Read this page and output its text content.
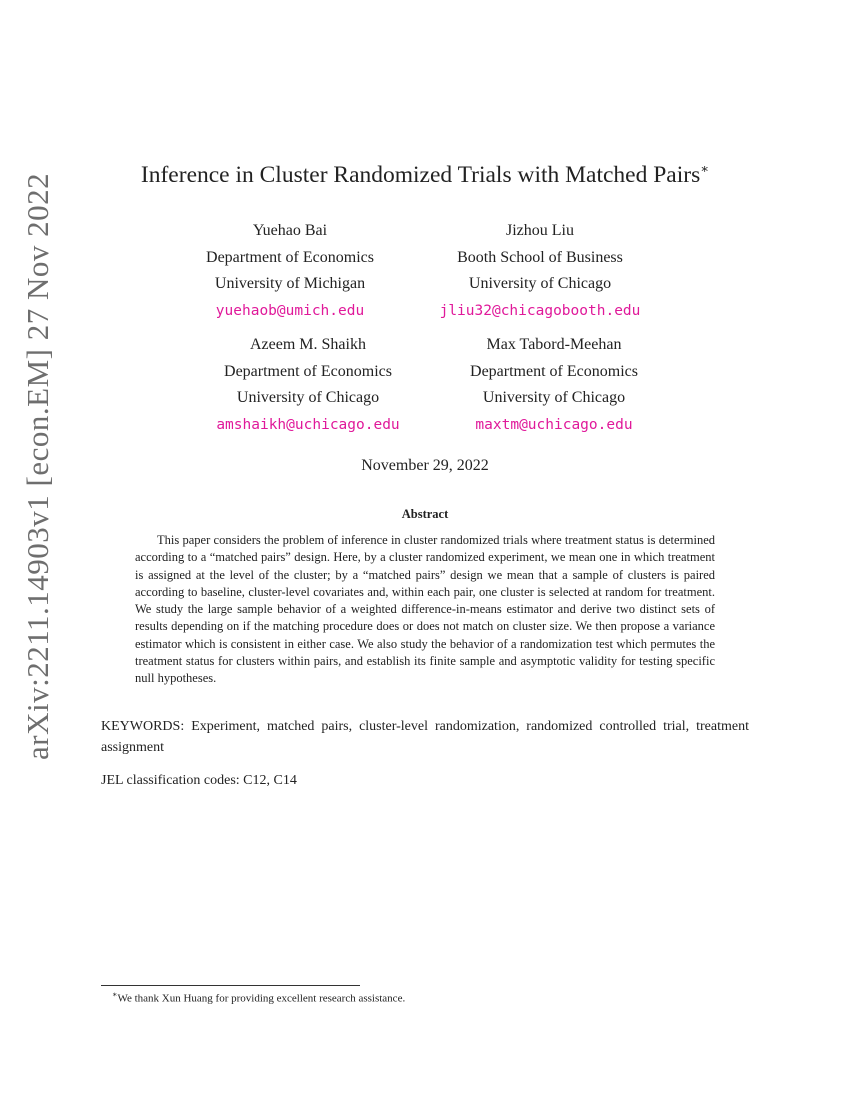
arXiv:2211.14903v1 [econ.EM] 27 Nov 2022	Inference in Cluster Randomized Trials with Matched Pairs∗
Yuehao Bai
Department of Economics
University of Michigan
yuehaob@umich.edu
Jizhou Liu
Booth School of Business
University of Chicago
jliu32@chicagobooth.edu
Azeem M. Shaikh
Department of Economics
University of Chicago
amshaikh@uchicago.edu
Max Tabord-Meehan
Department of Economics
University of Chicago
maxtm@uchicago.edu
November 29, 2022
Abstract
This paper considers the problem of inference in cluster randomized trials where treatment status is determined according to a “matched pairs” design. Here, by a cluster randomized experiment, we mean one in which treatment is assigned at the level of the cluster; by a “matched pairs” design we mean that a sample of clusters is paired according to baseline, cluster-level covariates and, within each pair, one cluster is selected at random for treatment. We study the large sample behavior of a weighted difference-in-means estimator and derive two distinct sets of results depending on if the matching procedure does or does not match on cluster size. We then propose a variance estimator which is consistent in either case. We also study the behavior of a randomization test which permutes the treatment status for clusters within pairs, and establish its finite sample and asymptotic validity for testing specific null hypotheses.
KEYWORDS: Experiment, matched pairs, cluster-level randomization, randomized controlled trial, treatment assignment
JEL classification codes: C12, C14
∗We thank Xun Huang for providing excellent research assistance.
